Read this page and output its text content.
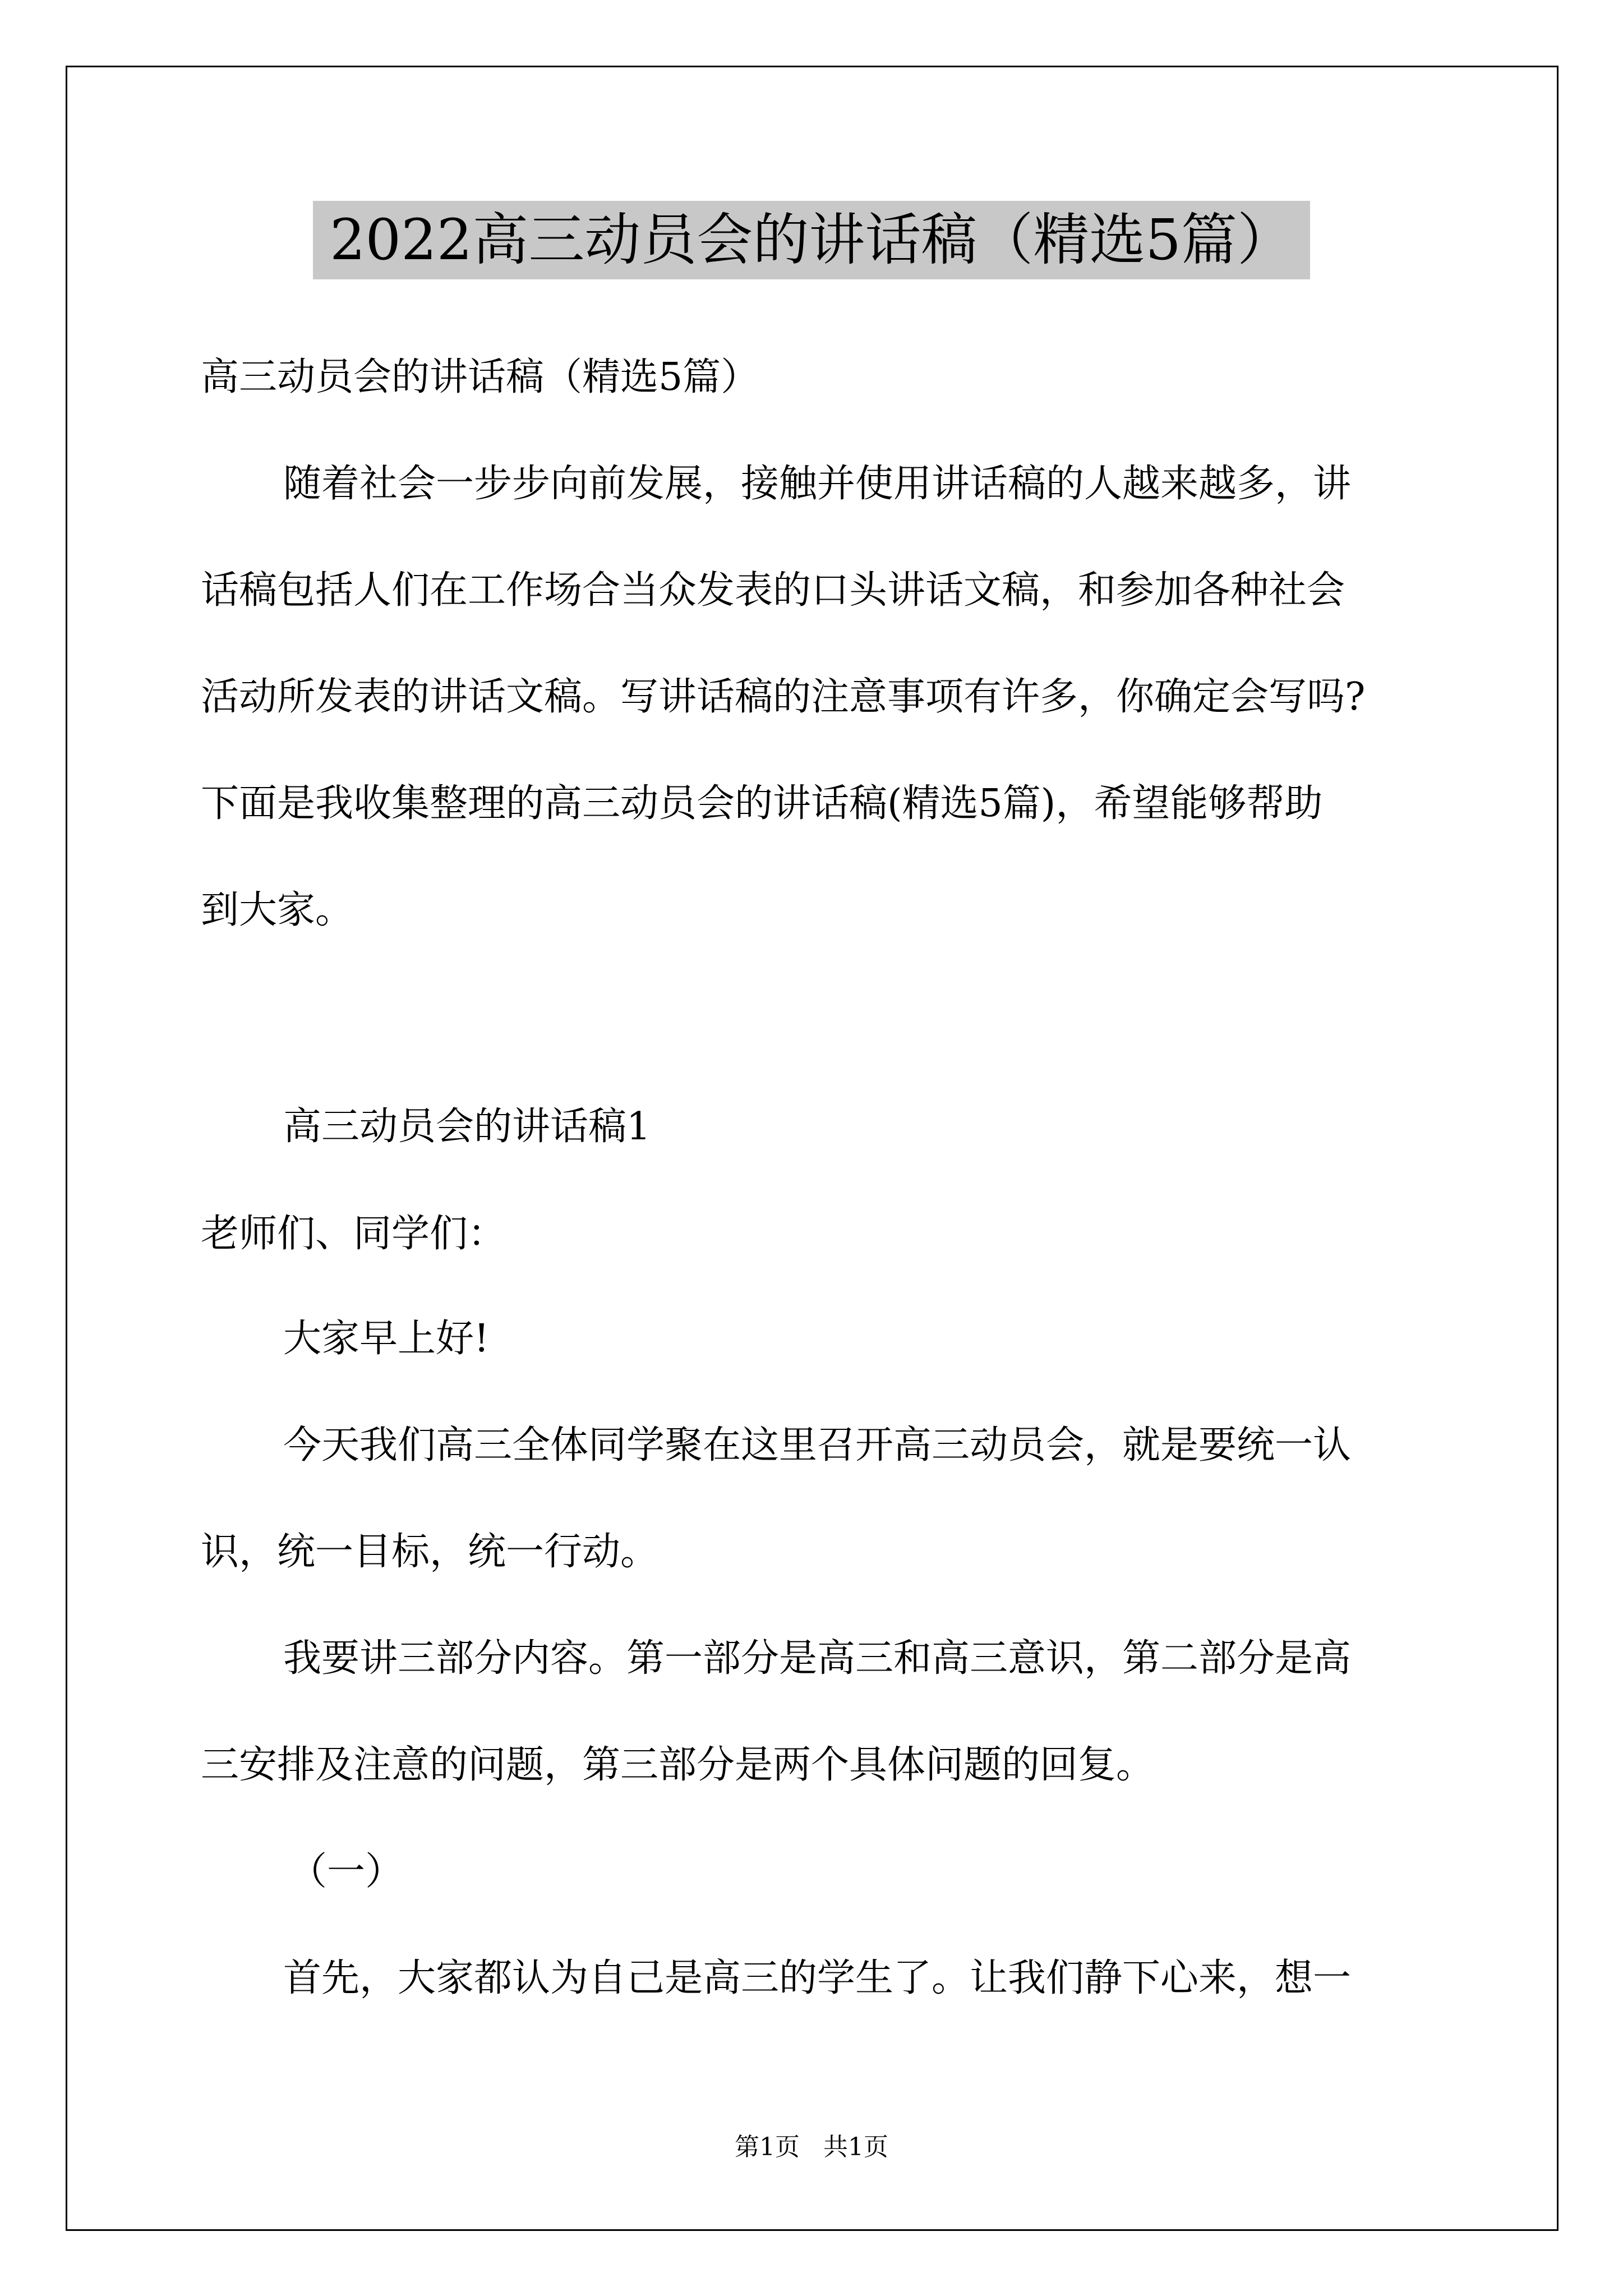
2022高三动员会的讲话稿（精选5篇）
高三动员会的讲话稿（精选5篇）
随着社会一步步向前发展，接触并使用讲话稿的人越来越多，讲
话稿包括人们在工作场合当众发表的口头讲话文稿，和参加各种社会
活动所发表的讲话文稿。写讲话稿的注意事项有许多，你确定会写吗?
下面是我收集整理的高三动员会的讲话稿(精选5篇)，希望能够帮助
到大家。
高三动员会的讲话稿1
老师们、同学们：
大家早上好!
今天我们高三全体同学聚在这里召开高三动员会，就是要统一认
识，统一目标，统一行动。
我要讲三部分内容。第一部分是高三和高三意识，第二部分是高
三安排及注意的问题，第三部分是两个具体问题的回复。
（一）
首先，大家都认为自己是高三的学生了。让我们静下心来，想一
第1页   共1页
